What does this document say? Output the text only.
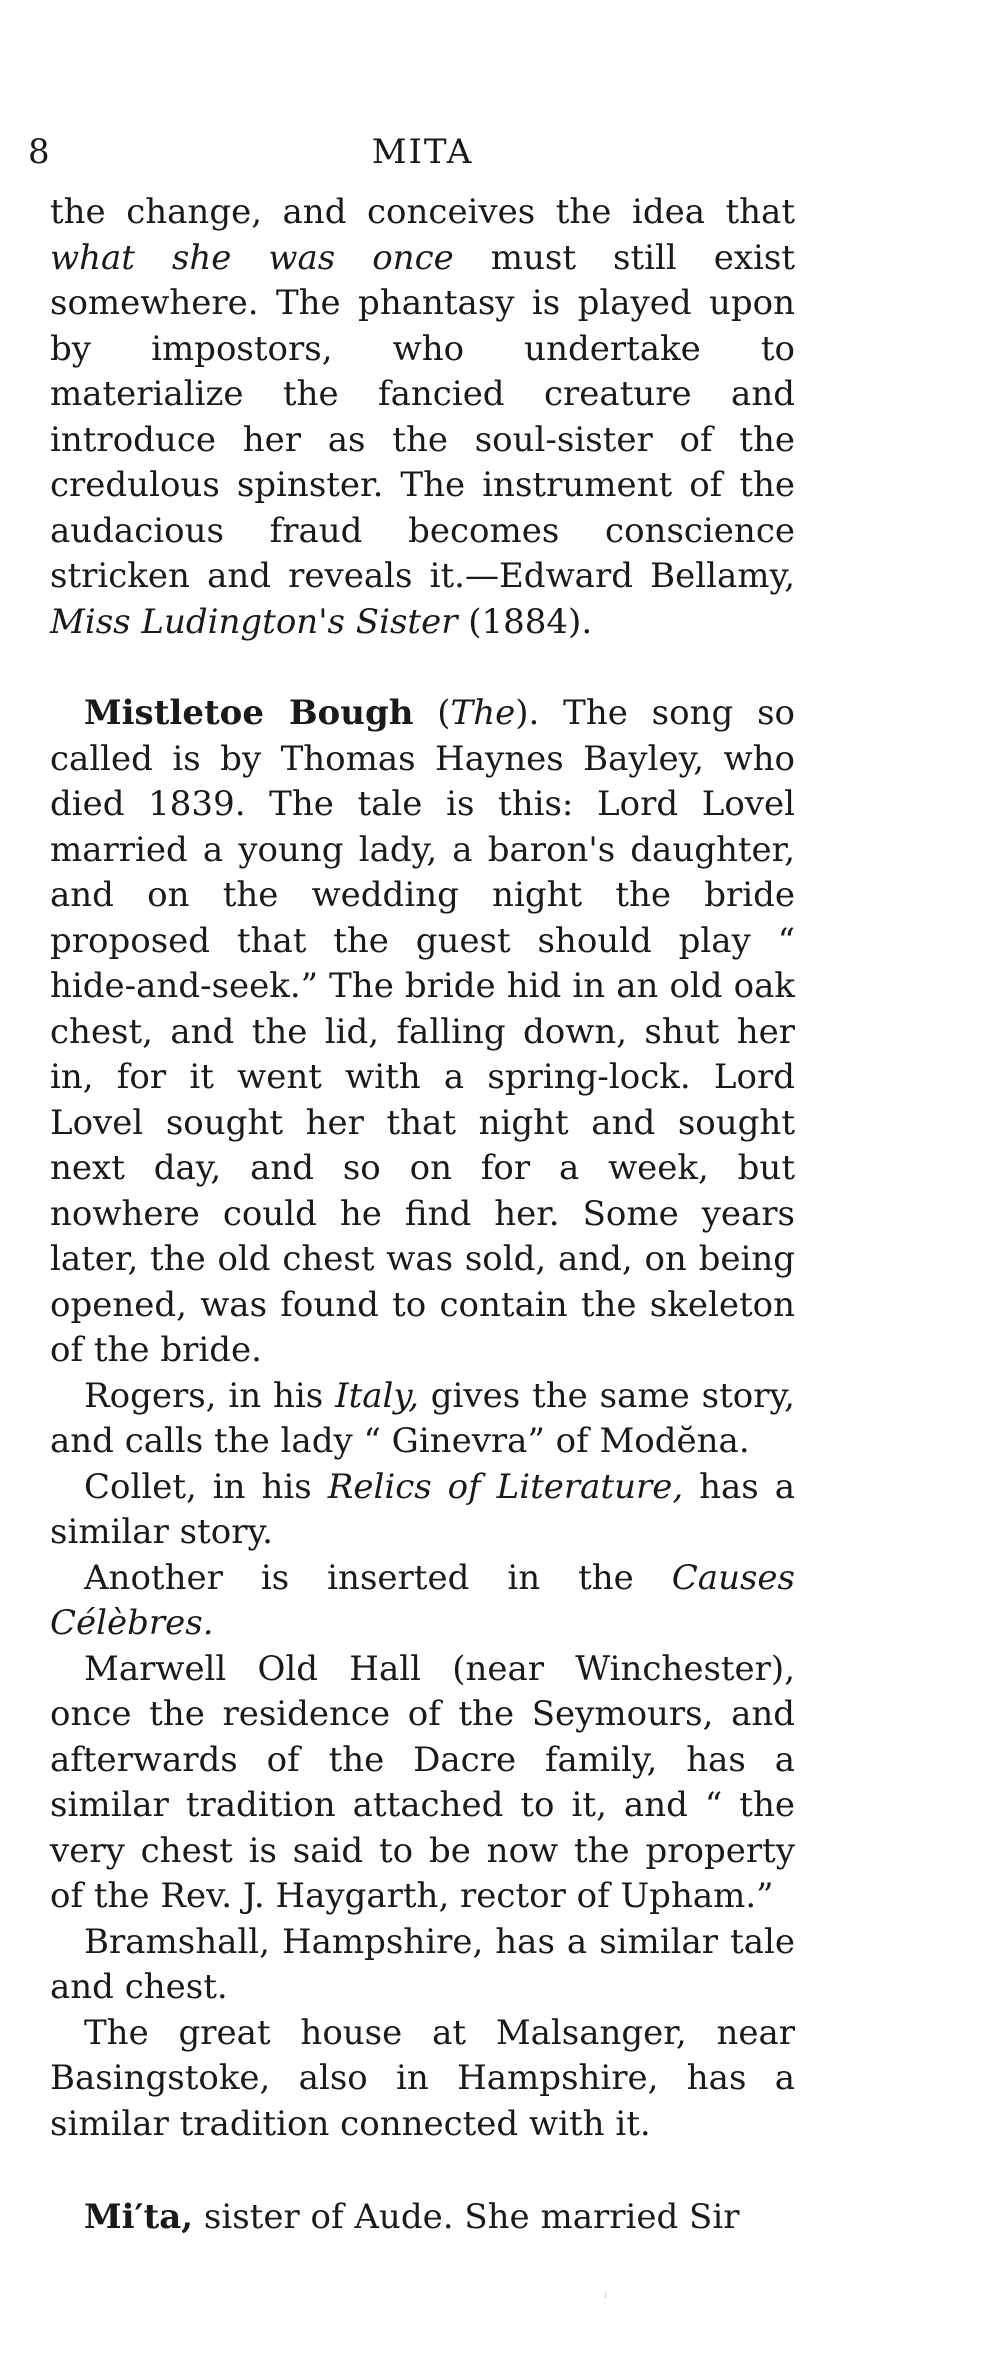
8	MITA

the change, and conceives the idea that what she was once must still exist somewhere. The phantasy is played upon by impostors, who undertake to materialize the fancied creature and introduce her as the soul-sister of the credulous spinster. The instrument of the audacious fraud becomes conscience stricken and reveals it.—Edward Bellamy, Miss Ludington's Sister (1884).

Mistletoe Bough (The). The song so called is by Thomas Haynes Bayley, who died 1839. The tale is this: Lord Lovel married a young lady, a baron's daughter, and on the wedding night the bride proposed that the guest should play “ hide-and-seek.” The bride hid in an old oak chest, and the lid, falling down, shut her in, for it went with a spring-lock. Lord Lovel sought her that night and sought next day, and so on for a week, but nowhere could he find her. Some years later, the old chest was sold, and, on being opened, was found to contain the skeleton of the bride.

Rogers, in his Italy, gives the same story, and calls the lady “ Ginevra” of Modĕna.

Collet, in his Relics of Literature, has a similar story.

Another is inserted in the Causes Célèbres.

Marwell Old Hall (near Winchester), once the residence of the Seymours, and afterwards of the Dacre family, has a similar tradition attached to it, and “ the very chest is said to be now the property of the Rev. J. Haygarth, rector of Upham.”

Bramshall, Hampshire, has a similar tale and chest.

The great house at Malsanger, near Basingstoke, also in Hampshire, has a similar tradition connected with it.

Mi′ta, sister of Aude. She married Sir
